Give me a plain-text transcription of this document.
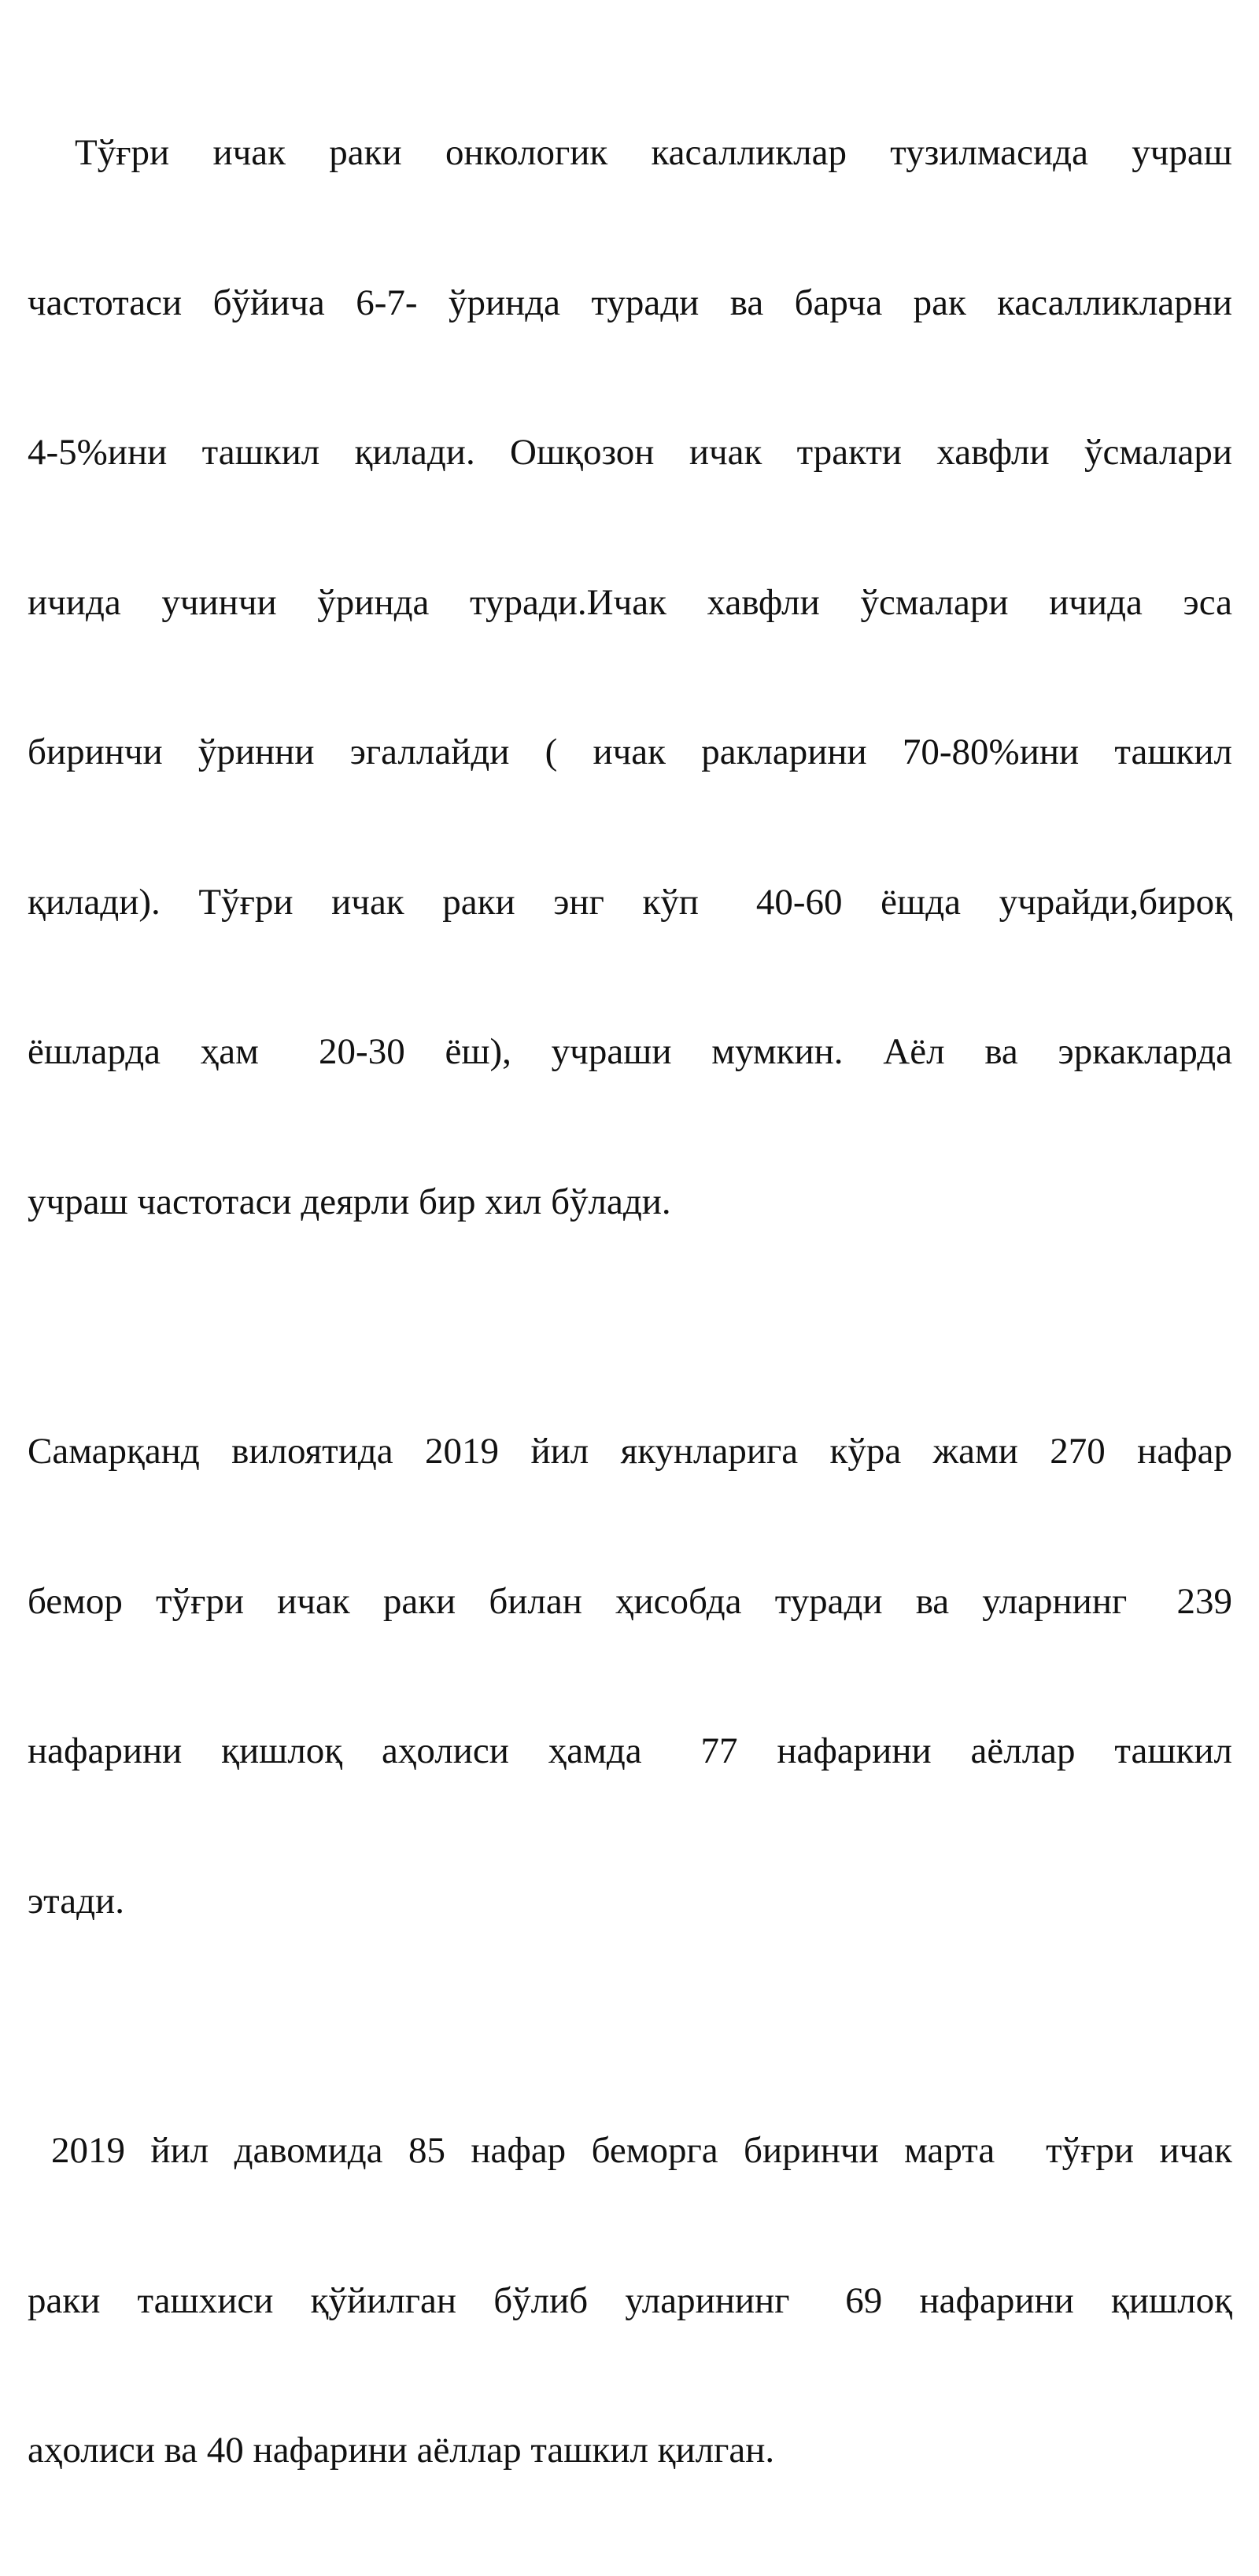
Тўғри  ичак  раки  онкологик  касалликлар  тузилмасида  учраш

частотаси бўйича 6-7- ўринда туради ва барча рак касалликларни

4-5%ини ташкил қилади. Ошқозон ичак тракти хавфли ўсмалари

ичида  учинчи  ўринда  туради.Ичак  хавфли  ўсмалари  ичида  эса

биринчи ўринни эгаллайди ( ичак ракларини 70-80%ини ташкил

қилади).  Тўғри  ичак  раки  энг  кўп   40-60  ёшда  учрайди,бироқ

ёшларда  ҳам   20-30  ёш),  учраши  мумкин.  Аёл  ва  эркакларда

учраш частотаси деярли бир хил бўлади.

Самарқанд вилоятида 2019 йил якунларига кўра жами 270 нафар

бемор  тўғри  ичак  раки  билан  ҳисобда  туради  ва  уларнинг   239

нафарини  қишлоқ  аҳолиси  ҳамда   77  нафарини  аёллар  ташкил

этади.

2019 йил давомида 85 нафар беморга биринчи марта  тўғри ичак

раки  ташхиси  қўйилган  бўлиб  уларининг   69  нафарини  қишлоқ

аҳолиси ва 40 нафарини аёллар ташкил қилган.
